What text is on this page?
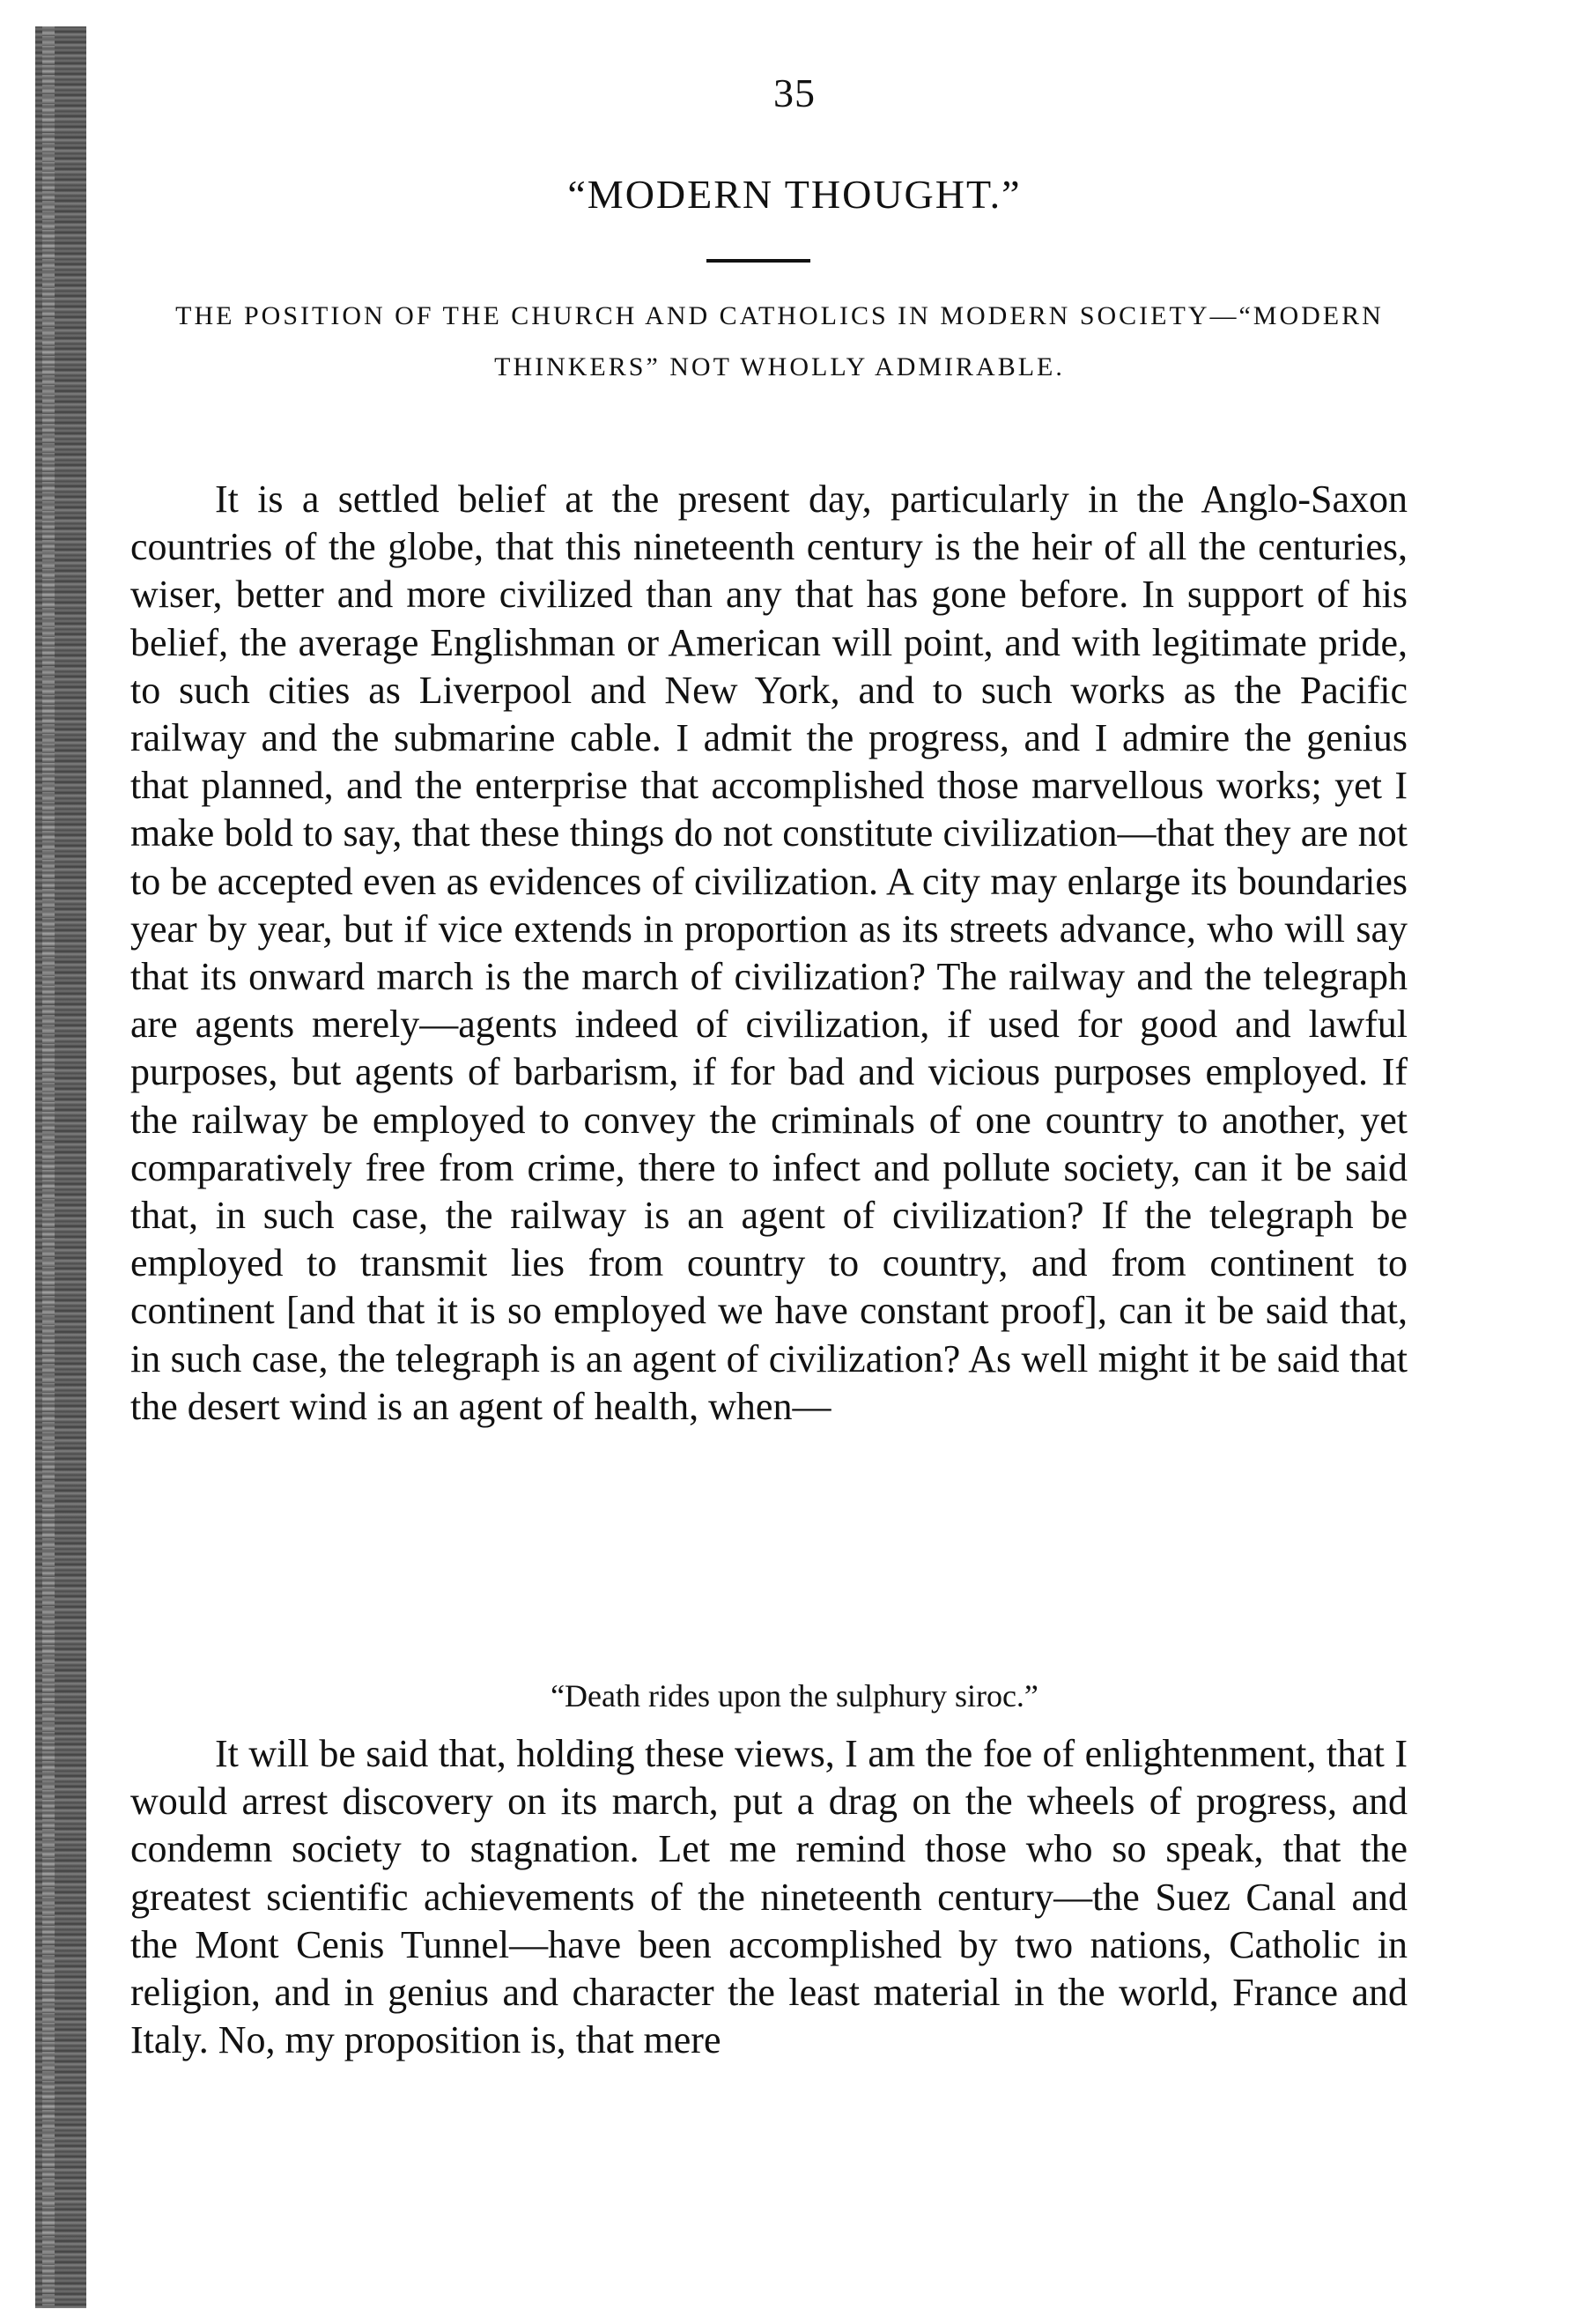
35
“MODERN THOUGHT.”
THE POSITION OF THE CHURCH AND CATHOLICS IN MODERN SOCIETY—“MODERN THINKERS” NOT WHOLLY ADMIRABLE.

It is a settled belief at the present day, particularly in the Anglo-Saxon countries of the globe, that this nineteenth century is the heir of all the centuries, wiser, better and more civilized than any that has gone before. In support of his belief, the average Englishman or American will point, and with legitimate pride, to such cities as Liverpool and New York, and to such works as the Pacific railway and the submarine cable. I admit the progress, and I admire the genius that planned, and the enterprise that accomplished those marvellous works; yet I make bold to say, that these things do not constitute civilization—that they are not to be accepted even as evidences of civilization. A city may enlarge its boundaries year by year, but if vice extends in proportion as its streets advance, who will say that its onward march is the march of civilization? The railway and the telegraph are agents merely—agents indeed of civilization, if used for good and lawful purposes, but agents of barbarism, if for bad and vicious purposes employed. If the railway be employed to convey the criminals of one country to another, yet comparatively free from crime, there to infect and pollute society, can it be said that, in such case, the railway is an agent of civilization? If the telegraph be employed to transmit lies from country to country, and from continent to continent [and that it is so employed we have constant proof], can it be said that, in such case, the telegraph is an agent of civilization? As well might it be said that the desert wind is an agent of health, when—

“Death rides upon the sulphury siroc.”

It will be said that, holding these views, I am the foe of enlightenment, that I would arrest discovery on its march, put a drag on the wheels of progress, and condemn society to stagnation. Let me remind those who so speak, that the greatest scientific achievements of the nineteenth century—the Suez Canal and the Mont Cenis Tunnel—have been accomplished by two nations, Catholic in religion, and in genius and character the least material in the world, France and Italy. No, my proposition is, that mere
